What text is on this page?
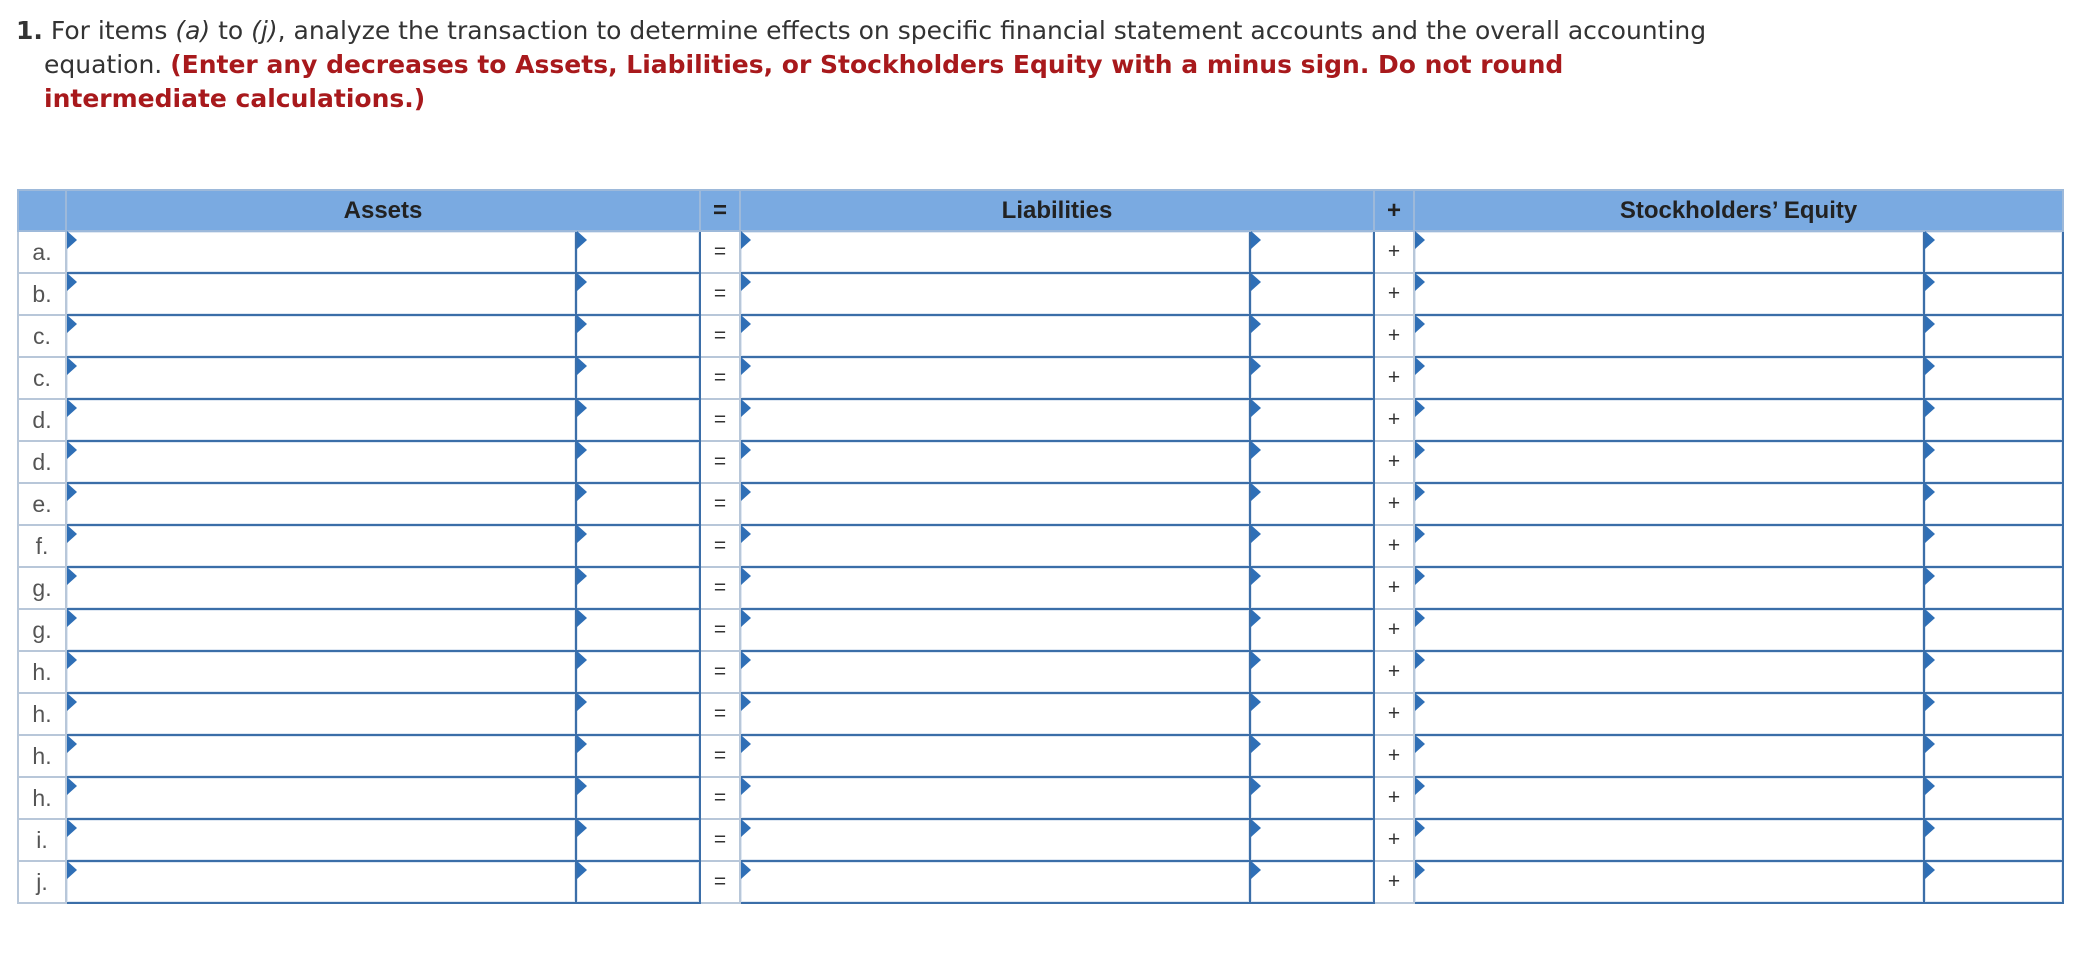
1. For items (a) to (j), analyze the transaction to determine effects on specific financial statement accounts and the overall accounting equation. (Enter any decreases to Assets, Liabilities, or Stockholders Equity with a minus sign. Do not round intermediate calculations.)

	Assets		=	Liabilities		+	Stockholders’ Equity	
a.			=			+	

b.			=			+	

c.			=			+	

c.			=			+	

d.			=			+	

d.			=			+	

e.			=			+	

f.			=			+	

g.			=			+	

g.			=			+	

h.			=			+	

h.			=			+	

h.			=			+	

h.			=			+	

i.			=			+	

j.			=			+	
